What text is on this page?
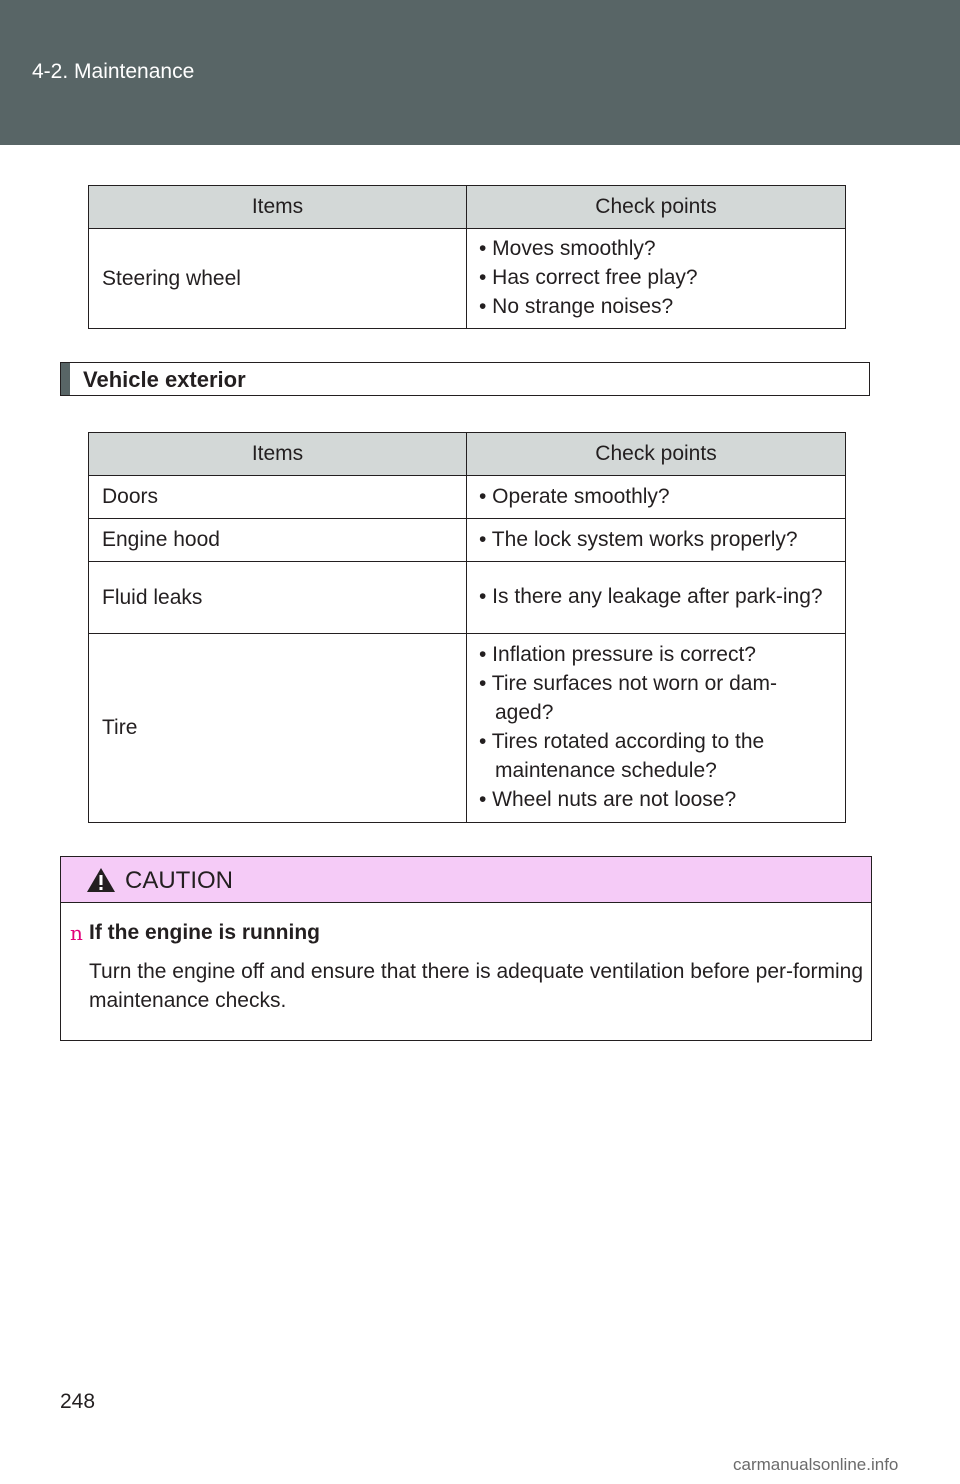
4-2. Maintenance
Items	Check points
Steering wheel	• Moves smoothly?
• Has correct free play?
• No strange noises?
Vehicle exterior
Items	Check points
Doors	• Operate smoothly?

Engine hood	• The lock system works properly?

Fluid leaks	• Is there any leakage after park-ing?

Tire	• Inflation pressure is correct?
• Tire surfaces not worn or dam-aged?
• Tires rotated according to the maintenance schedule?
• Wheel nuts are not loose?
CAUTION
n If the engine is running
Turn the engine off and ensure that there is adequate ventilation before per-forming maintenance checks.
248
carmanualsonline.info
